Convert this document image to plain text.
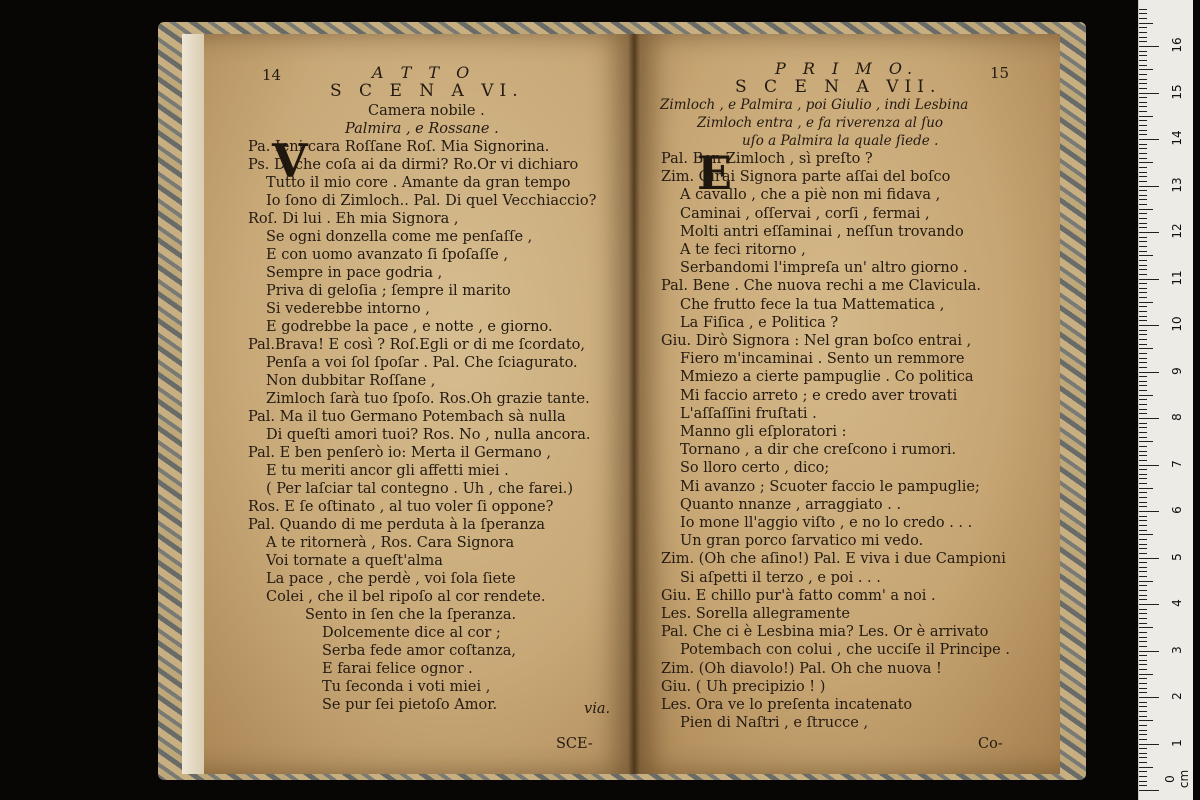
14	A T T O
S C E N A VI.
Camera nobile .
Palmira , e Rossane .
V
Pa. Ieni cara Roſſane Roſ. Mia Signorina.
Ps. Dì,che coſa ai da dirmi? Ro.Or vi dichiaro
Tutto il mio core . Amante da gran tempo
Io ſono di Zimloch.. Pal. Di quel Vecchiaccio?
Roſ. Di lui . Eh mia Signora ,
Se ogni donzella come me penſaſſe ,
E con uomo avanzato ſi ſpoſaſſe ,
Sempre in pace godria ,
Priva di geloſia ; ſempre il marito
Si vederebbe intorno ,
E godrebbe la pace , e notte , e giorno.
Pal.Brava! E così ? Roſ.Egli or di me ſcordato,
Penſa a voi ſol ſpoſar . Pal. Che ſciagurato.
Non dubbitar Roſſane ,
Zimloch ſarà tuo ſpoſo. Ros.Oh grazie tante.
Pal. Ma il tuo Germano Potembach sà nulla
Di queſti amori tuoi? Ros. No , nulla ancora.
Pal. E ben penſerò io: Merta il Germano ,
E tu meriti ancor gli affetti miei .
( Per laſciar tal contegno . Uh , che farei.)
Ros. E ſe oſtinato , al tuo voler ſi oppone?
Pal. Quando di me perduta à la ſperanza
A te ritornerà , Ros. Cara Signora
Voi tornate a queſt'alma
La pace , che perdè , voi ſola ſiete
Colei , che il bel ripoſo al cor rendete.
Sento in ſen che la ſperanza.
Dolcemente dice al cor ;
Serba fede amor coſtanza,
E farai felice ognor .
Tu ſeconda i voti miei ,
Se pur ſei pietoſo Amor.	via.
SCE-
P R I M O.	15
S C E N A VII.
Zimloch , e Palmira , poi Giulio , indi Lesbina
Zimloch entra , e fa riverenza al ſuo
uſo a Palmira la quale ſiede .
E
Pal. Ben Zimloch , sì preſto ?
Zim. Girai Signora parte aſſai del boſco
A cavallo , che a piè non mi fidava ,
Caminai , oſſervai , corſi , fermai ,
Molti antri eſſaminai , neſſun trovando
A te feci ritorno ,
Serbandomi l'impreſa un' altro giorno .
Pal. Bene . Che nuova rechi a me Clavicula.
Che frutto fece la tua Mattematica ,
La Fiſica , e Politica ?
Giu. Dirò Signora : Nel gran boſco entrai ,
Fiero m'incaminai . Sento un remmore
Mmiezo a cierte pampuglie . Co politica
Mi faccio arreto ; e credo aver trovati
L'aſſaſſini fruſtati .
Manno gli eſploratori :
Tornano , a dir che creſcono i rumori.
So lloro certo , dico;
Mi avanzo ; Scuoter faccio le pampuglie;
Quanto nnanze , arraggiato . .
Io mone ll'aggio viſto , e no lo credo . . .
Un gran porco ſarvatico mi vedo.
Zim. (Oh che aſino!) Pal. E viva i due Campioni
Si aſpetti il terzo , e poi . . .
Giu. E chillo pur'à fatto comm' a noi .
Les. Sorella allegramente
Pal. Che ci è Lesbina mia? Les. Or è arrivato
Potembach con colui , che ucciſe il Principe .
Zim. (Oh diavolo!) Pal. Oh che nuova !
Giu. ( Uh precipizio ! )
Les. Ora ve lo preſenta incatenato
Pien di Naſtri , e ſtrucce ,
Co-
0 cm
1
2
3
4
5
6
7
8
9
10
11
12
13
14
15
16
